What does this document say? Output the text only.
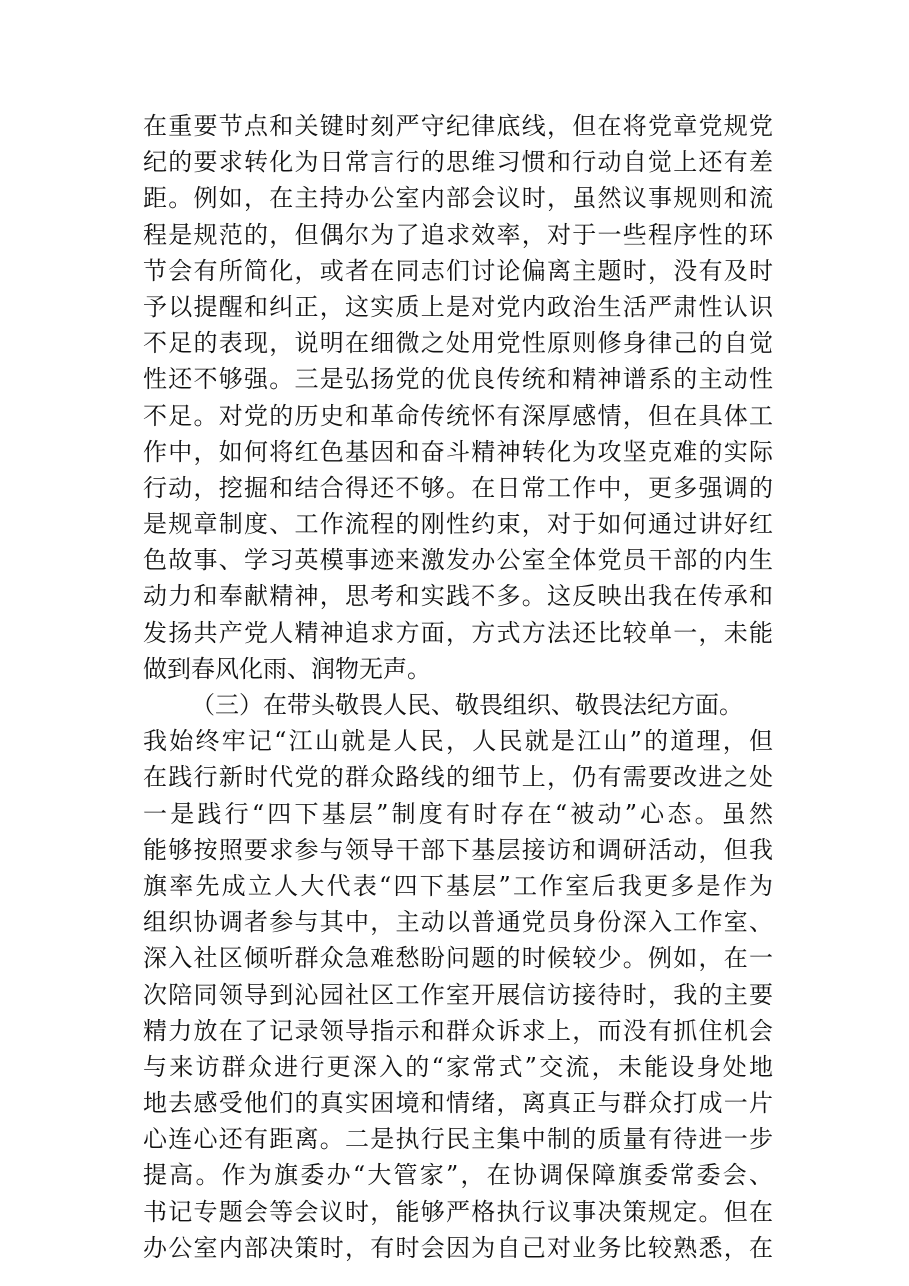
在重要节点和关键时刻严守纪律底线，但在将党章党规党
纪的要求转化为日常言行的思维习惯和行动自觉上还有差
距。例如，在主持办公室内部会议时，虽然议事规则和流
程是规范的，但偶尔为了追求效率，对于一些程序性的环
节会有所简化，或者在同志们讨论偏离主题时，没有及时
予以提醒和纠正，这实质上是对党内政治生活严肃性认识
不足的表现，说明在细微之处用党性原则修身律己的自觉
性还不够强。三是弘扬党的优良传统和精神谱系的主动性
不足。对党的历史和革命传统怀有深厚感情，但在具体工
作中，如何将红色基因和奋斗精神转化为攻坚克难的实际
行动，挖掘和结合得还不够。在日常工作中，更多强调的
是规章制度、工作流程的刚性约束，对于如何通过讲好红
色故事、学习英模事迹来激发办公室全体党员干部的内生
动力和奉献精神，思考和实践不多。这反映出我在传承和
发扬共产党人精神追求方面，方式方法还比较单一，未能
做到春风化雨、润物无声。
（三）在带头敬畏人民、敬畏组织、敬畏法纪方面。
我始终牢记“江山就是人民，人民就是江山”的道理，但
在践行新时代党的群众路线的细节上，仍有需要改进之处
一是践行“四下基层”制度有时存在“被动”心态。虽然
能够按照要求参与领导干部下基层接访和调研活动，但我
旗率先成立人大代表“四下基层”工作室后我更多是作为
组织协调者参与其中，主动以普通党员身份深入工作室、
深入社区倾听群众急难愁盼问题的时候较少。例如，在一
次陪同领导到沁园社区工作室开展信访接待时，我的主要
精力放在了记录领导指示和群众诉求上，而没有抓住机会
与来访群众进行更深入的“家常式”交流，未能设身处地
地去感受他们的真实困境和情绪，离真正与群众打成一片
心连心还有距离。二是执行民主集中制的质量有待进一步
提高。作为旗委办“大管家”，在协调保障旗委常委会、
书记专题会等会议时，能够严格执行议事决策规定。但在
办公室内部决策时，有时会因为自己对业务比较熟悉，在
